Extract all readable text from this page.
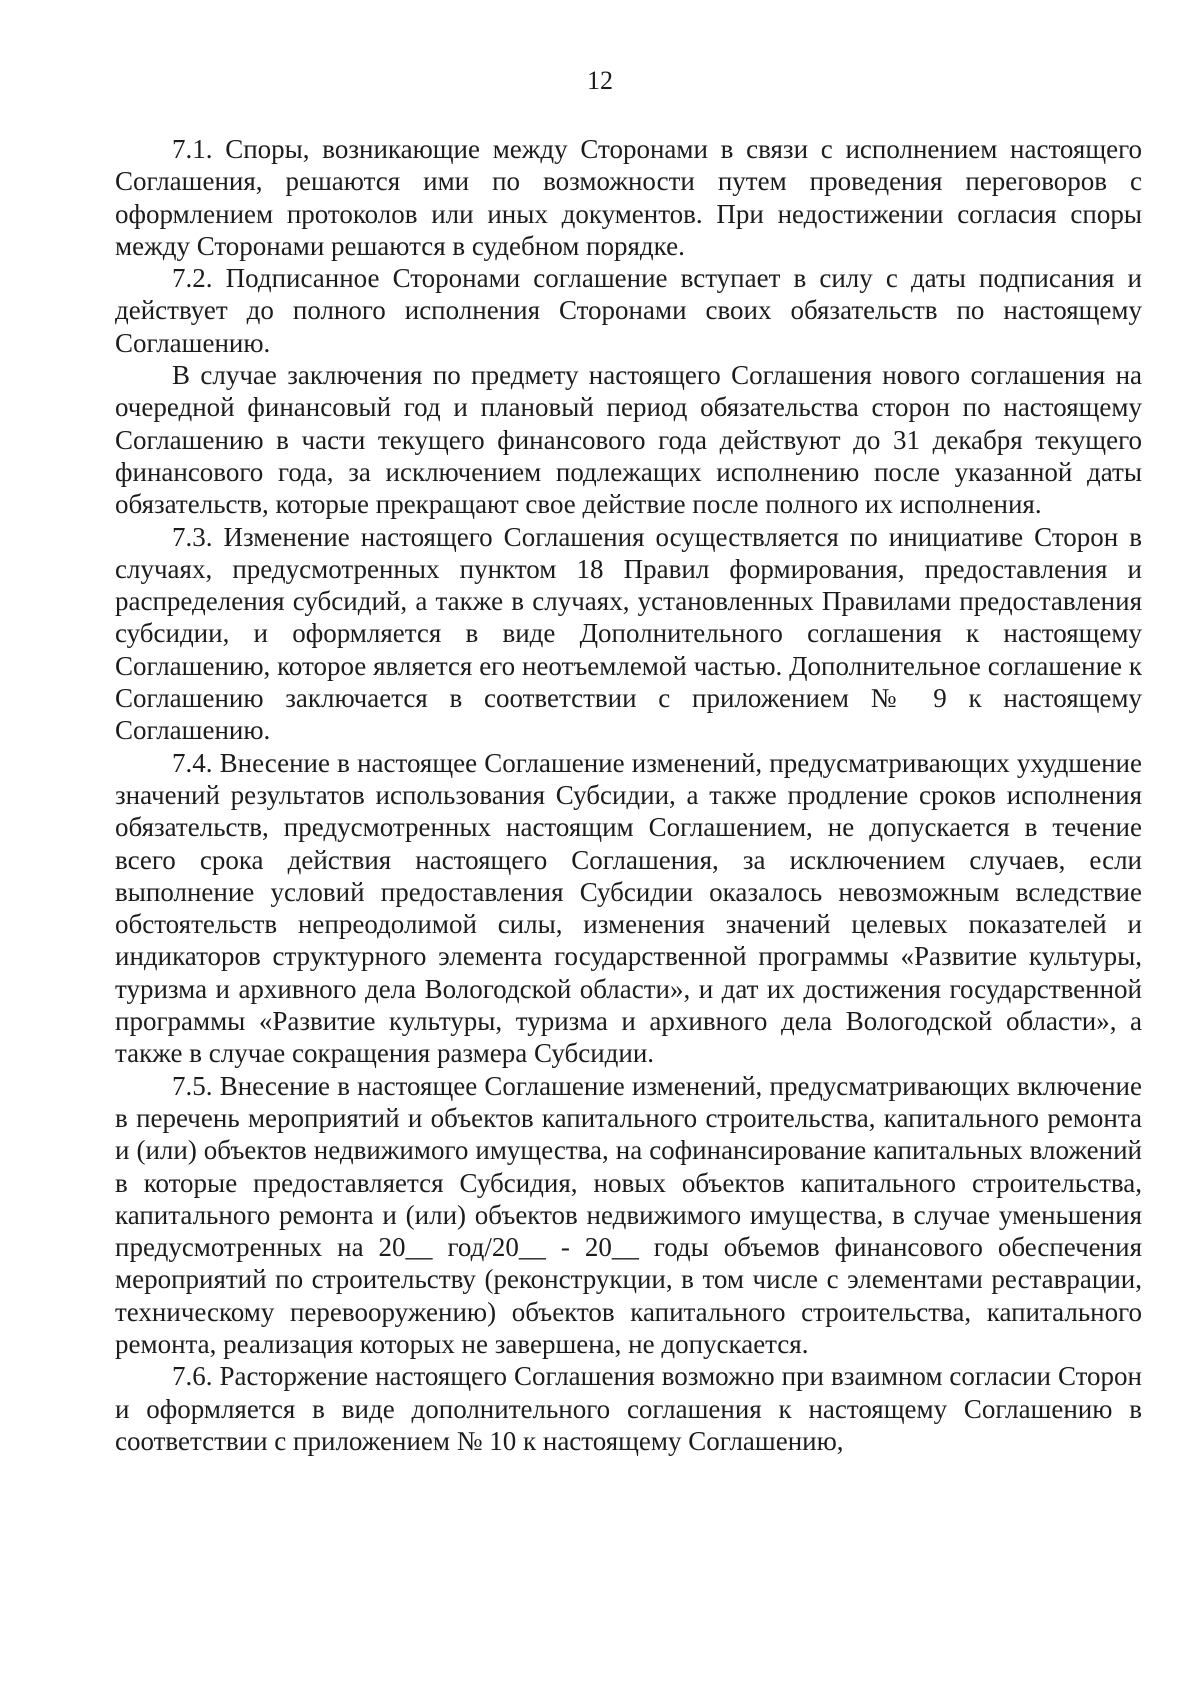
12

7.1. Споры, возникающие между Сторонами в связи с исполнением настоящего Соглашения, решаются ими по возможности путем проведения переговоров с оформлением протоколов или иных документов. При недостижении согласия споры между Сторонами решаются в судебном порядке.

7.2. Подписанное Сторонами соглашение вступает в силу с даты подписания и действует до полного исполнения Сторонами своих обязательств по настоящему Соглашению.

В случае заключения по предмету настоящего Соглашения нового соглашения на очередной финансовый год и плановый период обязательства сторон по настоящему Соглашению в части текущего финансового года действуют до 31 декабря текущего финансового года, за исключением подлежащих исполнению после указанной даты обязательств, которые прекращают свое действие после полного их исполнения.

7.3. Изменение настоящего Соглашения осуществляется по инициативе Сторон в случаях, предусмотренных пунктом 18 Правил формирования, предоставления и распределения субсидий, а также в случаях, установленных Правилами предоставления субсидии, и оформляется в виде Дополнительного соглашения к настоящему Соглашению, которое является его неотъемлемой частью. Дополнительное соглашение к Соглашению заключается в соответствии с приложением № 9 к настоящему Соглашению.

7.4. Внесение в настоящее Соглашение изменений, предусматривающих ухудшение значений результатов использования Субсидии, а также продление сроков исполнения обязательств, предусмотренных настоящим Соглашением, не допускается в течение всего срока действия настоящего Соглашения, за исключением случаев, если выполнение условий предоставления Субсидии оказалось невозможным вследствие обстоятельств непреодолимой силы, изменения значений целевых показателей и индикаторов структурного элемента государственной программы «Развитие культуры, туризма и архивного дела Вологодской области», и дат их достижения государственной программы «Развитие культуры, туризма и архивного дела Вологодской области», а также в случае сокращения размера Субсидии.

7.5. Внесение в настоящее Соглашение изменений, предусматривающих включение в перечень мероприятий и объектов капитального строительства, капитального ремонта и (или) объектов недвижимого имущества, на софинансирование капитальных вложений в которые предоставляется Субсидия, новых объектов капитального строительства, капитального ремонта и (или) объектов недвижимого имущества, в случае уменьшения предусмотренных на 20__ год/20__ - 20__ годы объемов финансового обеспечения мероприятий по строительству (реконструкции, в том числе с элементами реставрации, техническому перевооружению) объектов капитального строительства, капитального ремонта, реализация которых не завершена, не допускается.

7.6. Расторжение настоящего Соглашения возможно при взаимном согласии Сторон и оформляется в виде дополнительного соглашения к настоящему Соглашению в соответствии с приложением № 10 к настоящему Соглашению,
